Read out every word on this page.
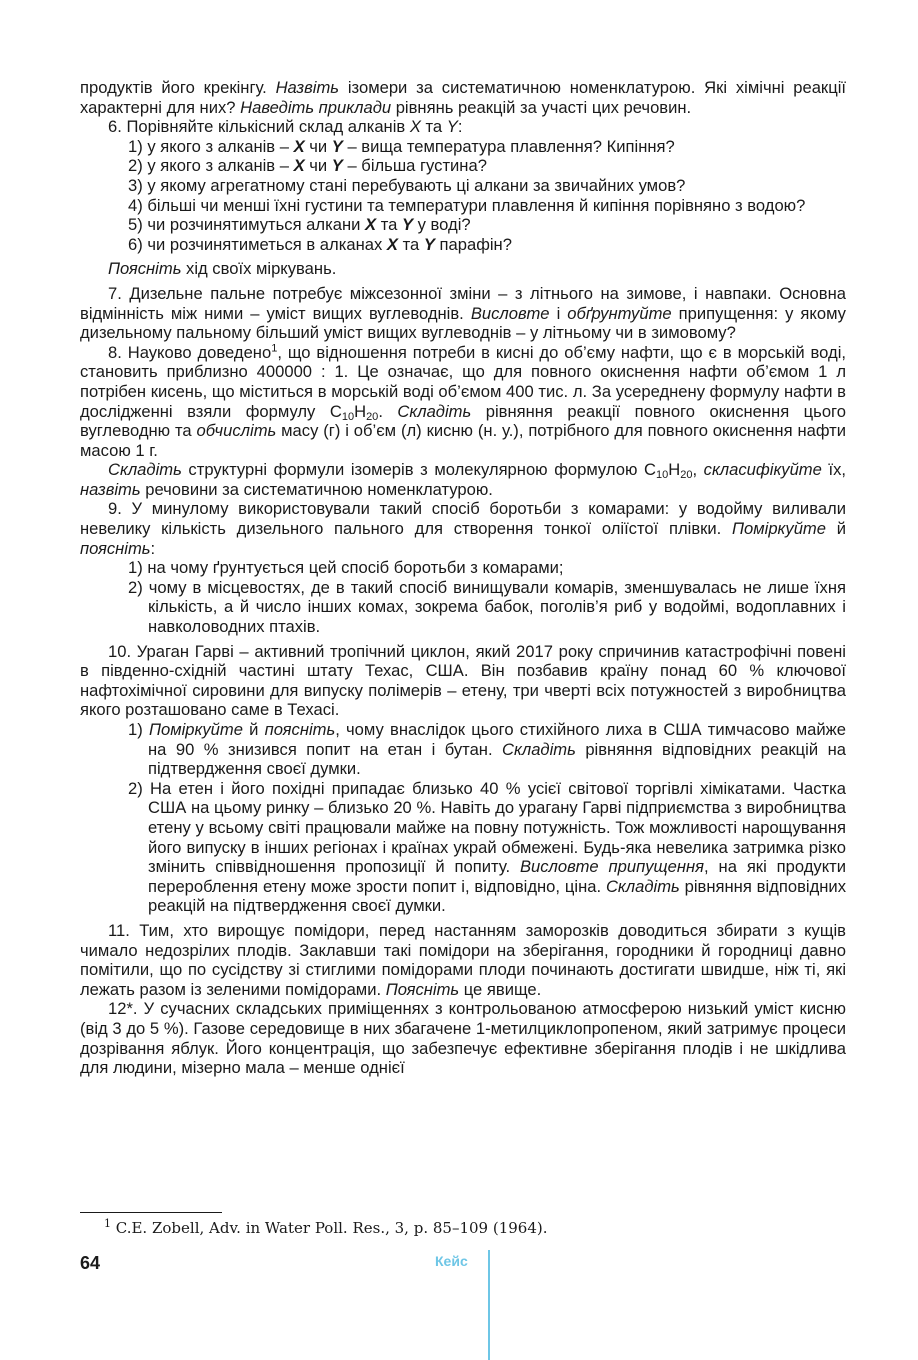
продуктів його крекінгу. Назвіть ізомери за систематичною номенклатурою. Які хімічні реакції характерні для них? Наведіть приклади рівнянь реакцій за участі цих речовин.

6. Порівняйте кількісний склад алканів X та Y:

1) у якого з алканів – X чи Y – вища температура плавлення? Кипіння?

2) у якого з алканів – X чи Y – більша густина?

3) у якому агрегатному стані перебувають ці алкани за звичайних умов?

4) більші чи менші їхні густини та температури плавлення й кипіння порівняно з водою?

5) чи розчинятимуться алкани X та Y у воді?

6) чи розчинятиметься в алканах X та Y парафін?

Поясніть хід своїх міркувань.

7. Дизельне пальне потребує міжсезонної зміни – з літнього на зимове, і навпаки. Основна відмінність між ними – уміст вищих вуглеводнів. Висловте і обґрунтуйте припущення: у якому дизельному пальному більший уміст вищих вуглеводнів – у літньому чи в зимовому?

8. Науково доведено$^1$, що відношення потреби в кисні до об’єму нафти, що є в морській воді, становить приблизно 400000 : 1. Це означає, що для повного окиснення нафти об’ємом 1 л потрібен кисень, що міститься в морській воді об’ємом 400 тис. л. За усереднену формулу нафти в дослідженні взяли формулу $C_{10}H_{20}$. Складіть рівняння реакції повного окиснення цього вуглеводню та обчисліть масу (г) і об’єм (л) кисню (н. у.), потрібного для повного окиснення нафти масою 1 г.

Складіть структурні формули ізомерів з молекулярною формулою $C_{10}H_{20}$, скласифікуйте їх, назвіть речовини за систематичною номенклатурою.

9. У минулому використовували такий спосіб боротьби з комарами: у водойму виливали невелику кількість дизельного пального для створення тонкої оліїстої плівки. Поміркуйте й поясніть:

1) на чому ґрунтується цей спосіб боротьби з комарами;

2) чому в місцевостях, де в такий спосіб винищували комарів, зменшувалась не лише їхня кількість, а й число інших комах, зокрема бабок, поголів’я риб у водоймі, водоплавних і навколоводних птахів.

10. Ураган Гарві – активний тропічний циклон, який 2017 року спричинив катастрофічні повені в південно-східній частині штату Техас, США. Він позбавив країну понад 60 % ключової нафтохімічної сировини для випуску полімерів – етену, три чверті всіх потужностей з виробництва якого розташовано саме в Техасі.

1) Поміркуйте й поясніть, чому внаслідок цього стихійного лиха в США тимчасово майже на 90 % знизився попит на етан і бутан. Складіть рівняння відповідних реакцій на підтвердження своєї думки.

2) На етен і його похідні припадає близько 40 % усієї світової торгівлі хімікатами. Частка США на цьому ринку – близько 20 %. Навіть до урагану Гарві підприємства з виробництва етену у всьому світі працювали майже на повну потужність. Тож можливості нарощування його випуску в інших регіонах і країнах украй обмежені. Будь-яка невелика затримка різко змінить співвідношення пропозиції й попиту. Висловте припущення, на які продукти перероблення етену може зрости попит і, відповідно, ціна. Складіть рівняння відповідних реакцій на підтвердження своєї думки.

11. Тим, хто вирощує помідори, перед настанням заморозків доводиться збирати з кущів чимало недозрілих плодів. Заклавши такі помідори на зберігання, городники й городниці давно помітили, що по сусідству зі стиглими помідорами плоди починають достигати швидше, ніж ті, які лежать разом із зеленими помідорами. Поясніть це явище.

12*. У сучасних складських приміщеннях з контрольованою атмосферою низький уміст кисню (від 3 до 5 %). Газове середовище в них збагачене 1-метилциклопропеном, який затримує процеси дозрівання яблук. Його концентрація, що забезпечує ефективне зберігання плодів і не шкідлива для людини, мізерно мала – менше однієї

$^1$ C.E. Zobell, Adv. in Water Poll. Res., 3, p. 85–109 (1964).
64	Кейс
